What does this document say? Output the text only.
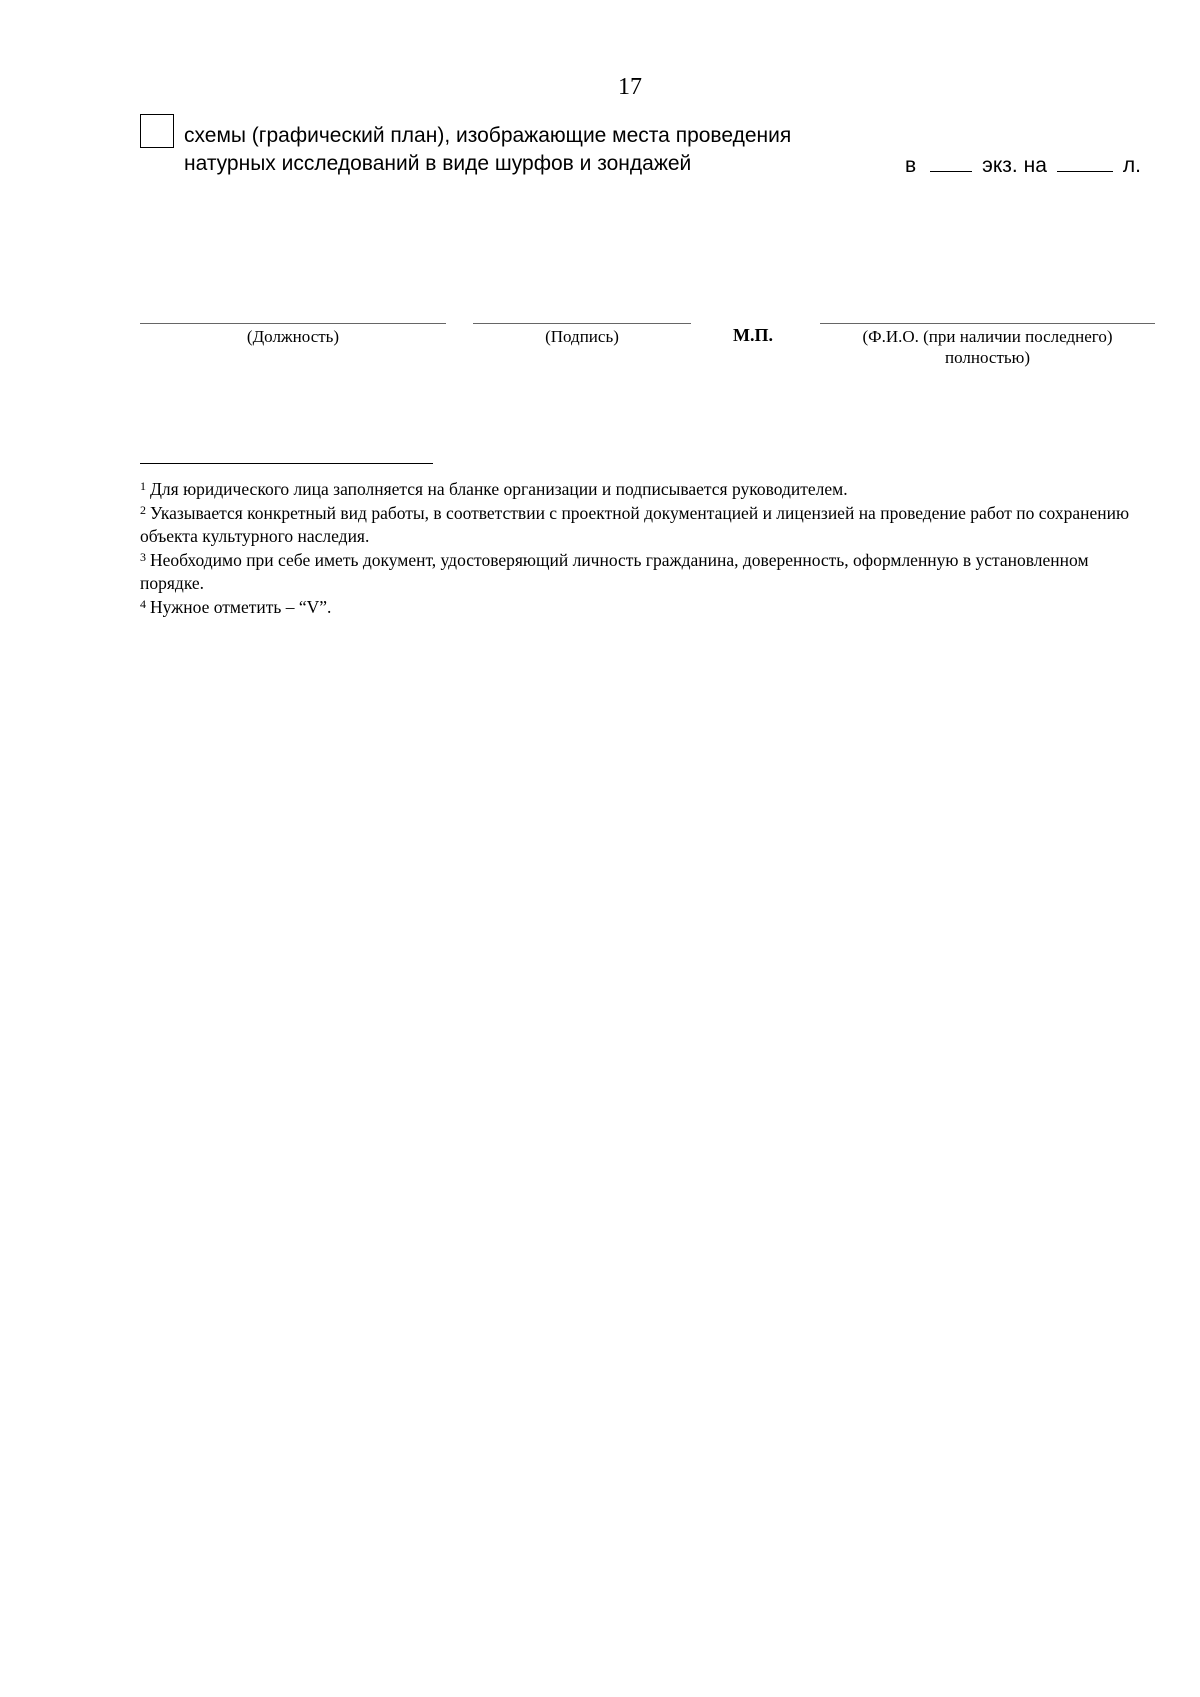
17
схемы (графический план), изображающие места проведения
натурных исследований в виде шурфов и зондажей	в	экз. на	л.
(Должность)	(Подпись)	М.П.	(Ф.И.О. (при наличии последнего)
полностью)

$^1$ Для юридического лица заполняется на бланке организации и подписывается руководителем.

$^2$ Указывается конкретный вид работы, в соответствии с проектной документацией и лицензией на проведение работ по сохранению объекта культурного наследия.

$^3$ Необходимо при себе иметь документ, удостоверяющий личность гражданина, доверенность, оформленную в установленном порядке.

$^4$ Нужное отметить – “V”.
